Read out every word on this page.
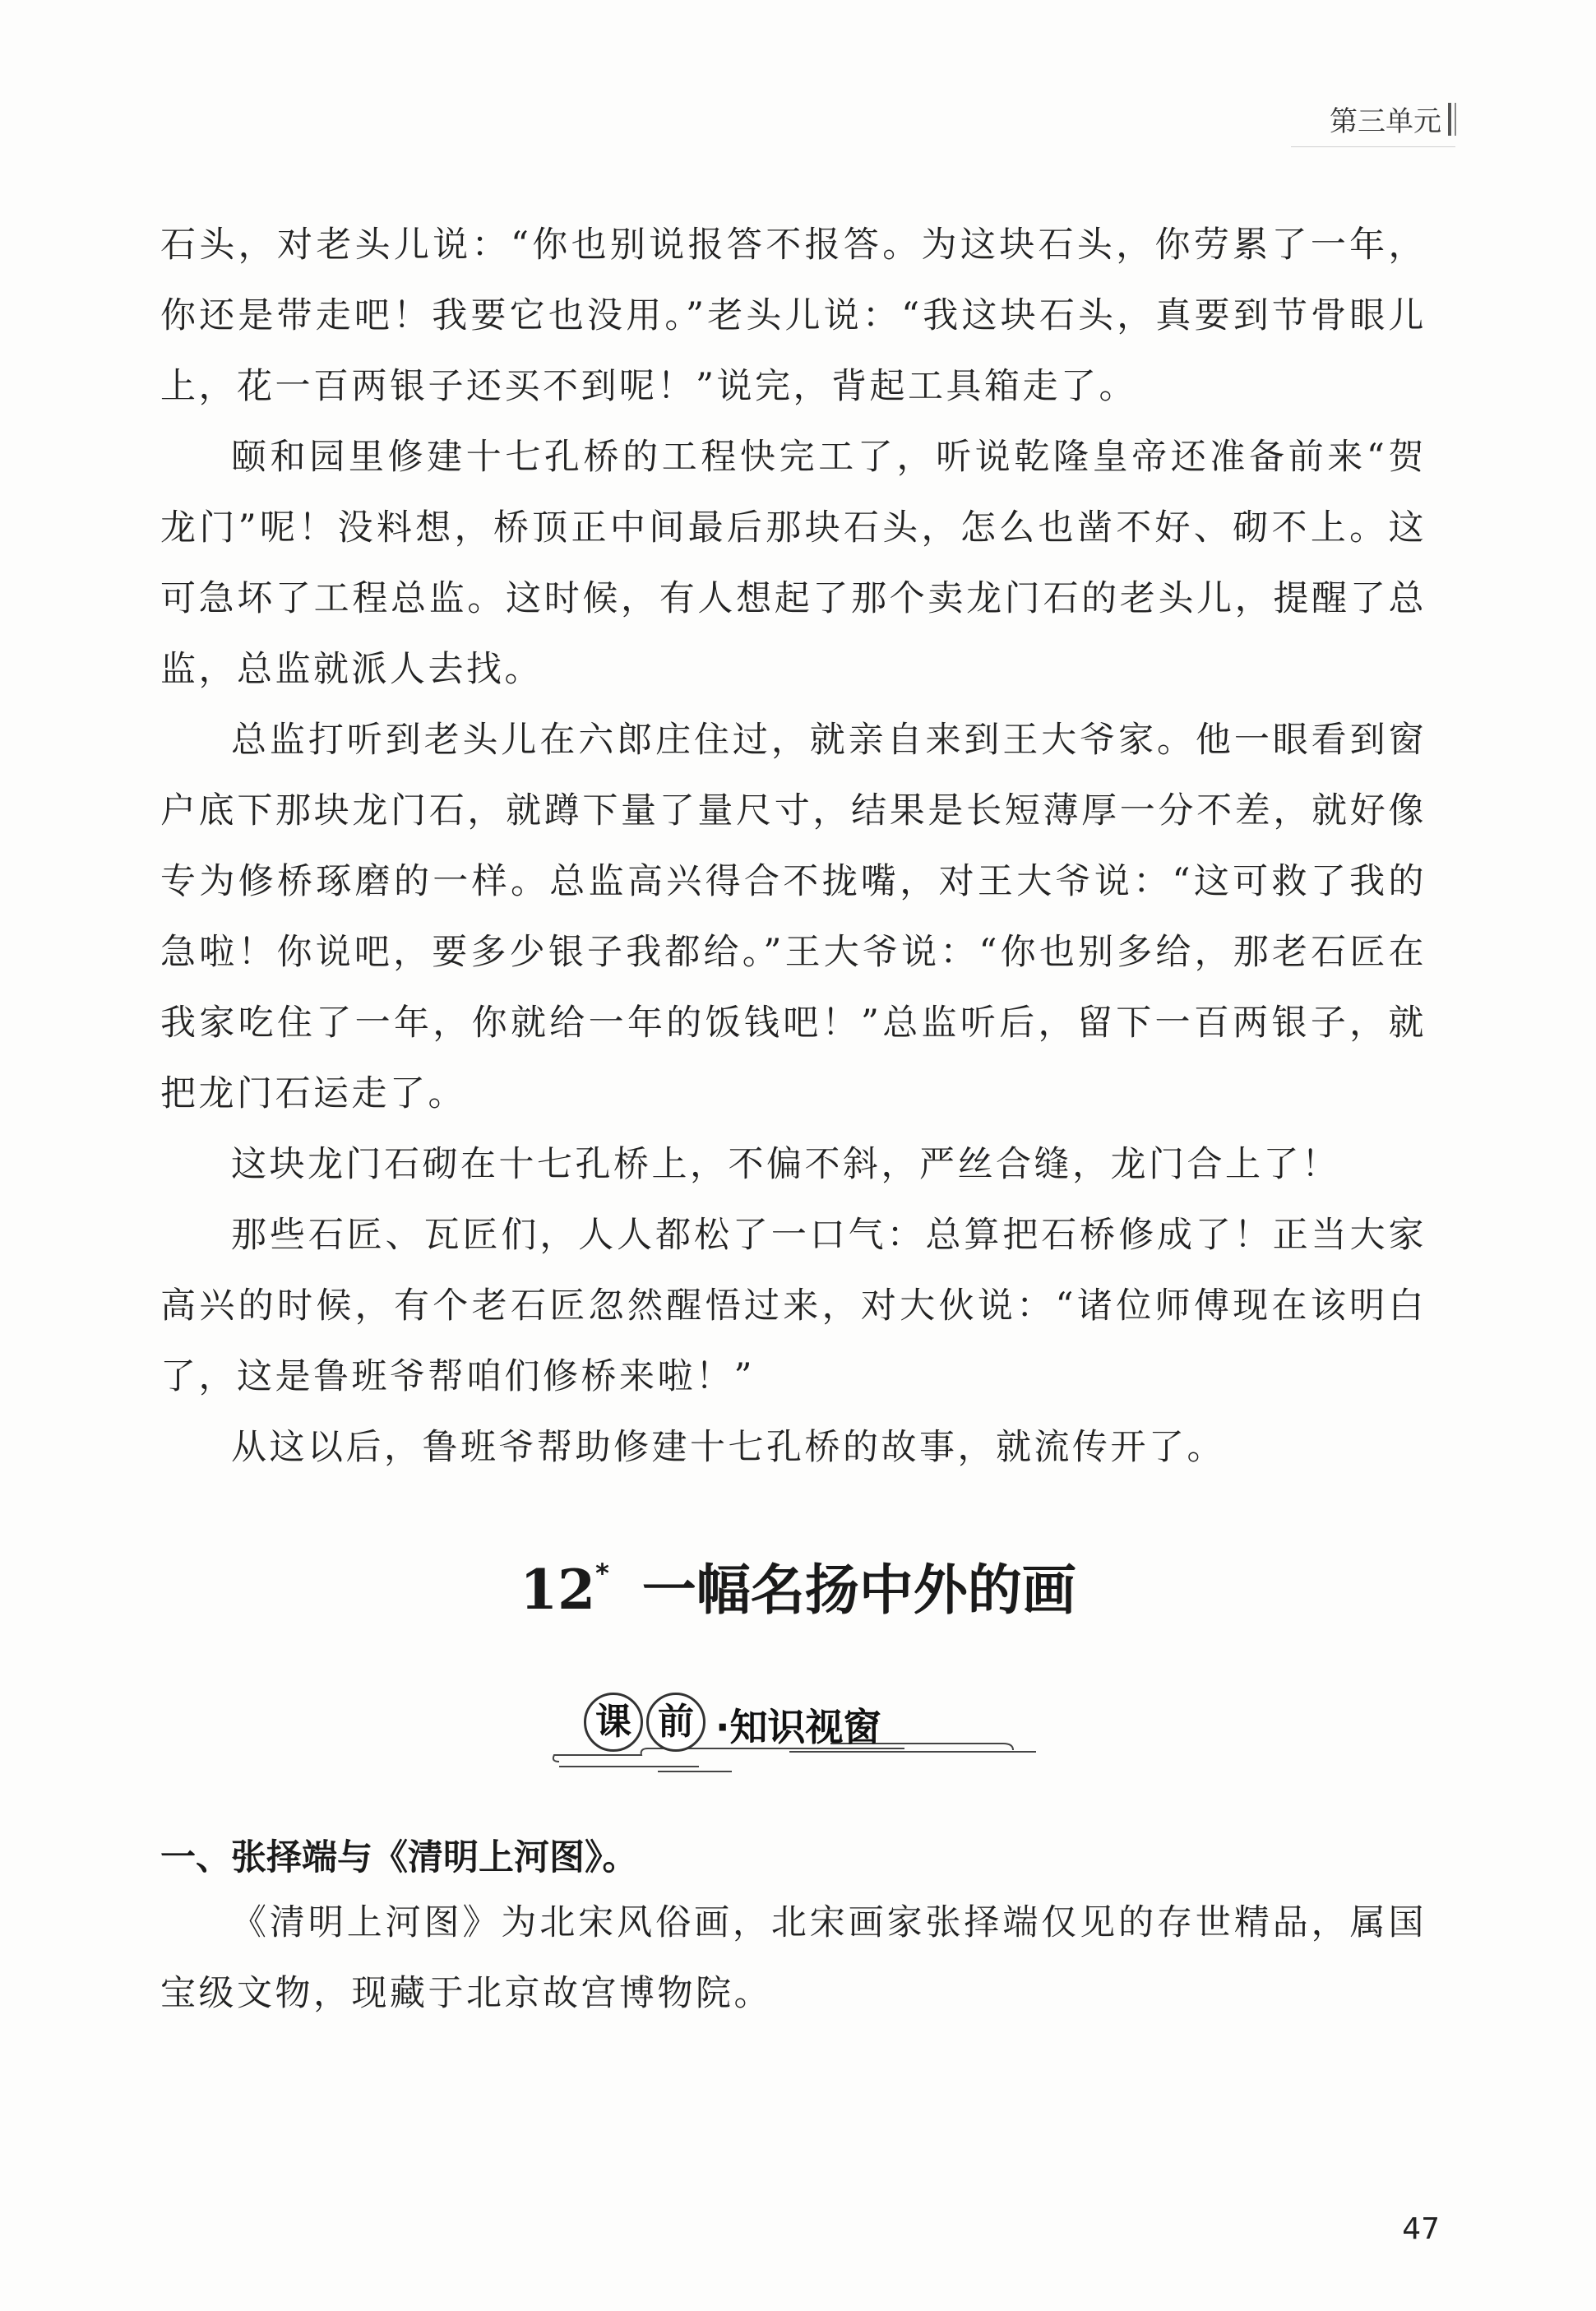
第三单元

石头，对老头儿说：“你也别说报答不报答。为这块石头，你劳累了一年，你还是带走吧！我要它也没用。”老头儿说：“我这块石头，真要到节骨眼儿上，花一百两银子还买不到呢！”说完，背起工具箱走了。

颐和园里修建十七孔桥的工程快完工了，听说乾隆皇帝还准备前来“贺龙门”呢！没料想，桥顶正中间最后那块石头，怎么也凿不好、砌不上。这可急坏了工程总监。这时候，有人想起了那个卖龙门石的老头儿，提醒了总监，总监就派人去找。

总监打听到老头儿在六郎庄住过，就亲自来到王大爷家。他一眼看到窗户底下那块龙门石，就蹲下量了量尺寸，结果是长短薄厚一分不差，就好像专为修桥琢磨的一样。总监高兴得合不拢嘴，对王大爷说：“这可救了我的急啦！你说吧，要多少银子我都给。”王大爷说：“你也别多给，那老石匠在我家吃住了一年，你就给一年的饭钱吧！”总监听后，留下一百两银子，就把龙门石运走了。

这块龙门石砌在十七孔桥上，不偏不斜，严丝合缝，龙门合上了！

那些石匠、瓦匠们，人人都松了一口气：总算把石桥修成了！正当大家高兴的时候，有个老石匠忽然醒悟过来，对大伙说：“诸位师傅现在该明白了，这是鲁班爷帮咱们修桥来啦！”

从这以后，鲁班爷帮助修建十七孔桥的故事，就流传开了。

12* 一幅名扬中外的画
课 前 ·知识视窗
一、张择端与《清明上河图》。

《清明上河图》为北宋风俗画，北宋画家张择端仅见的存世精品，属国宝级文物，现藏于北京故宫博物院。

47
